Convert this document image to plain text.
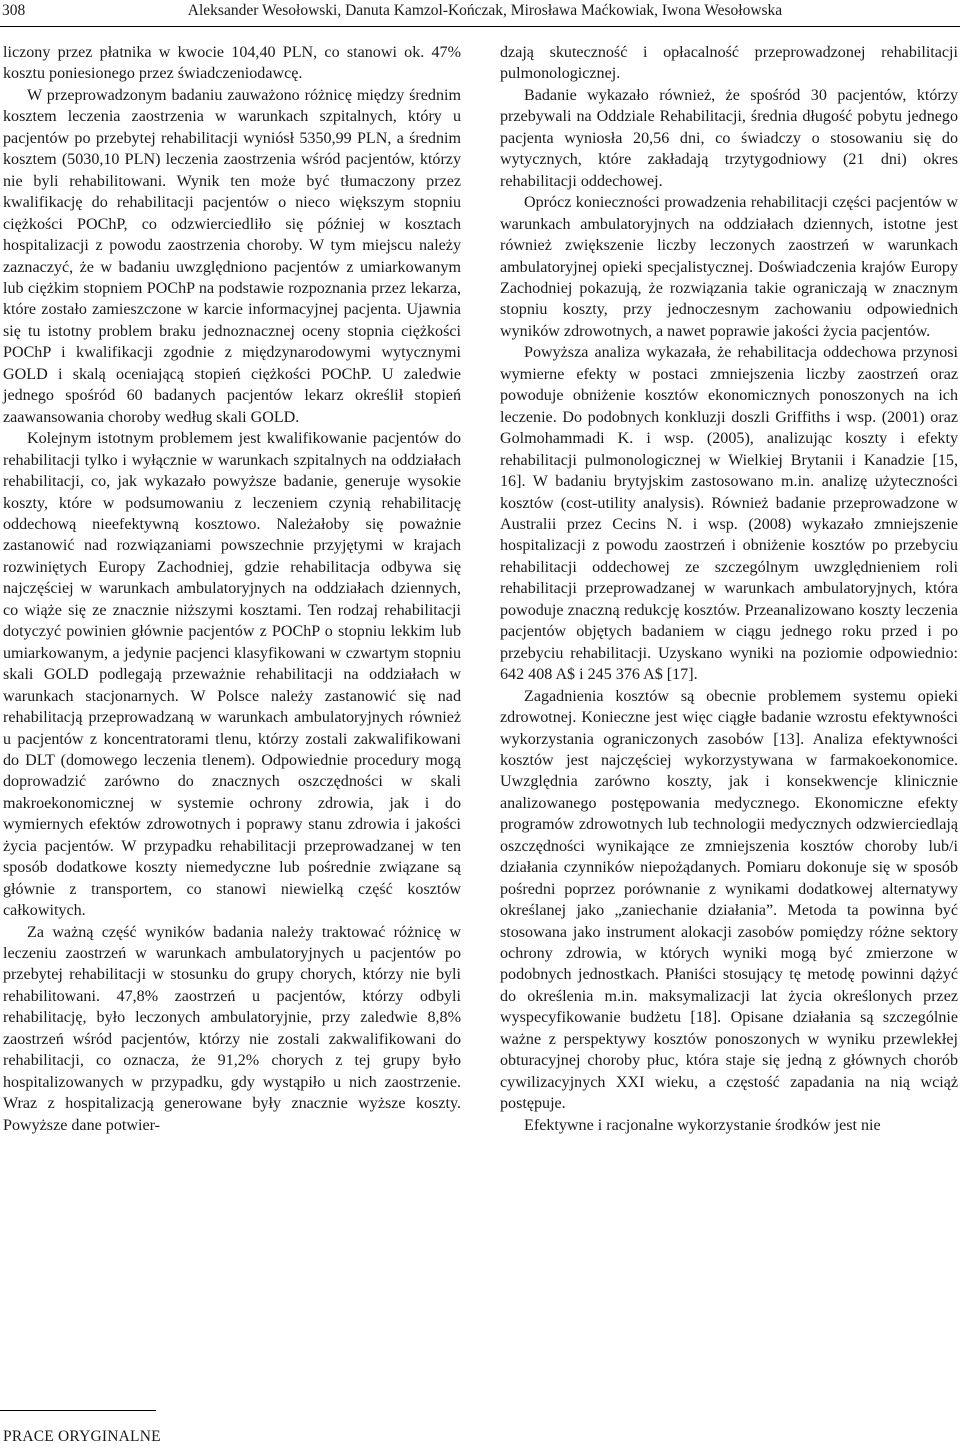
308	Aleksander Wesołowski, Danuta Kamzol-Kończak, Mirosława Maćkowiak, Iwona Wesołowska

liczony przez płatnika w kwocie 104,40 PLN, co stanowi ok. 47% kosztu poniesionego przez świadczeniodawcę.

W przeprowadzonym badaniu zauważono różnicę między średnim kosztem leczenia zaostrzenia w warunkach szpitalnych, który u pacjentów po przebytej rehabilitacji wyniósł 5350,99 PLN, a średnim kosztem (5030,10 PLN) leczenia zaostrzenia wśród pacjentów, którzy nie byli rehabilitowani. Wynik ten może być tłumaczony przez kwalifikację do rehabilitacji pacjentów o nieco większym stopniu ciężkości POChP, co odzwierciedliło się później w kosztach hospitalizacji z powodu zaostrzenia choroby. W tym miejscu należy zaznaczyć, że w badaniu uwzględniono pacjentów z umiarkowanym lub ciężkim stopniem POChP na podstawie rozpoznania przez lekarza, które zostało zamieszczone w karcie informacyjnej pacjenta. Ujawnia się tu istotny problem braku jednoznacznej oceny stopnia ciężkości POChP i kwalifikacji zgodnie z międzynarodowymi wytycznymi GOLD i skalą oceniającą stopień ciężkości POChP. U zaledwie jednego spośród 60 badanych pacjentów lekarz określił stopień zaawansowania choroby według skali GOLD.

Kolejnym istotnym problemem jest kwalifikowanie pacjentów do rehabilitacji tylko i wyłącznie w warunkach szpitalnych na oddziałach rehabilitacji, co, jak wykazało powyższe badanie, generuje wysokie koszty, które w podsumowaniu z leczeniem czynią rehabilitację oddechową nieefektywną kosztowo. Należałoby się poważnie zastanowić nad rozwiązaniami powszechnie przyjętymi w krajach rozwiniętych Europy Zachodniej, gdzie rehabilitacja odbywa się najczęściej w warunkach ambulatoryjnych na oddziałach dziennych, co wiąże się ze znacznie niższymi kosztami. Ten rodzaj rehabilitacji dotyczyć powinien głównie pacjentów z POChP o stopniu lekkim lub umiarkowanym, a jedynie pacjenci klasyfikowani w czwartym stopniu skali GOLD podlegają przeważnie rehabilitacji na oddziałach w warunkach stacjonarnych. W Polsce należy zastanowić się nad rehabilitacją przeprowadzaną w warunkach ambulatoryjnych również u pacjentów z koncentratorami tlenu, którzy zostali zakwalifikowani do DLT (domowego leczenia tlenem). Odpowiednie procedury mogą doprowadzić zarówno do znacznych oszczędności w skali makroekonomicznej w systemie ochrony zdrowia, jak i do wymiernych efektów zdrowotnych i poprawy stanu zdrowia i jakości życia pacjentów. W przypadku rehabilitacji przeprowadzanej w ten sposób dodatkowe koszty niemedyczne lub pośrednie związane są głównie z transportem, co stanowi niewielką część kosztów całkowitych.

Za ważną część wyników badania należy traktować różnicę w leczeniu zaostrzeń w warunkach ambulatoryjnych u pacjentów po przebytej rehabilitacji w stosunku do grupy chorych, którzy nie byli rehabilitowani. 47,8% zaostrzeń u pacjentów, którzy odbyli rehabilitację, było leczonych ambulatoryjnie, przy zaledwie 8,8% zaostrzeń wśród pacjentów, którzy nie zostali zakwalifikowani do rehabilitacji, co oznacza, że 91,2% chorych z tej grupy było hospitalizowanych w przypadku, gdy wystąpiło u nich zaostrzenie. Wraz z hospitalizacją generowane były znacznie wyższe koszty. Powyższe dane potwier-

dzają skuteczność i opłacalność przeprowadzonej rehabilitacji pulmonologicznej.

Badanie wykazało również, że spośród 30 pacjentów, którzy przebywali na Oddziale Rehabilitacji, średnia długość pobytu jednego pacjenta wyniosła 20,56 dni, co świadczy o stosowaniu się do wytycznych, które zakładają trzytygodniowy (21 dni) okres rehabilitacji oddechowej.

Oprócz konieczności prowadzenia rehabilitacji części pacjentów w warunkach ambulatoryjnych na oddziałach dziennych, istotne jest również zwiększenie liczby leczonych zaostrzeń w warunkach ambulatoryjnej opieki specjalistycznej. Doświadczenia krajów Europy Zachodniej pokazują, że rozwiązania takie ograniczają w znacznym stopniu koszty, przy jednoczesnym zachowaniu odpowiednich wyników zdrowotnych, a nawet poprawie jakości życia pacjentów.

Powyższa analiza wykazała, że rehabilitacja oddechowa przynosi wymierne efekty w postaci zmniejszenia liczby zaostrzeń oraz powoduje obniżenie kosztów ekonomicznych ponoszonych na ich leczenie. Do podobnych konkluzji doszli Griffiths i wsp. (2001) oraz Golmohammadi K. i wsp. (2005), analizując koszty i efekty rehabilitacji pulmonologicznej w Wielkiej Brytanii i Kanadzie [15, 16]. W badaniu brytyjskim zastosowano m.in. analizę użyteczności kosztów (cost-utility analysis). Również badanie przeprowadzone w Australii przez Cecins N. i wsp. (2008) wykazało zmniejszenie hospitalizacji z powodu zaostrzeń i obniżenie kosztów po przebyciu rehabilitacji oddechowej ze szczególnym uwzględnieniem roli rehabilitacji przeprowadzanej w warunkach ambulatoryjnych, która powoduje znaczną redukcję kosztów. Przeanalizowano koszty leczenia pacjentów objętych badaniem w ciągu jednego roku przed i po przebyciu rehabilitacji. Uzyskano wyniki na poziomie odpowiednio: 642 408 A$ i 245 376 A$ [17].

Zagadnienia kosztów są obecnie problemem systemu opieki zdrowotnej. Konieczne jest więc ciągłe badanie wzrostu efektywności wykorzystania ograniczonych zasobów [13]. Analiza efektywności kosztów jest najczęściej wykorzystywana w farmakoekonomice. Uwzględnia zarówno koszty, jak i konsekwencje klinicznie analizowanego postępowania medycznego. Ekonomiczne efekty programów zdrowotnych lub technologii medycznych odzwierciedlają oszczędności wynikające ze zmniejszenia kosztów choroby lub/i działania czynników niepożądanych. Pomiaru dokonuje się w sposób pośredni poprzez porównanie z wynikami dodatkowej alternatywy określanej jako „zaniechanie działania”. Metoda ta powinna być stosowana jako instrument alokacji zasobów pomiędzy różne sektory ochrony zdrowia, w których wyniki mogą być zmierzone w podobnych jednostkach. Płaniści stosujący tę metodę powinni dążyć do określenia m.in. maksymalizacji lat życia określonych przez wyspecyfikowanie budżetu [18]. Opisane działania są szczególnie ważne z perspektywy kosztów ponoszonych w wyniku przewlekłej obturacyjnej choroby płuc, która staje się jedną z głównych chorób cywilizacyjnych XXI wieku, a częstość zapadania na nią wciąż postępuje.

Efektywne i racjonalne wykorzystanie środków jest nie

PRACE ORYGINALNE
